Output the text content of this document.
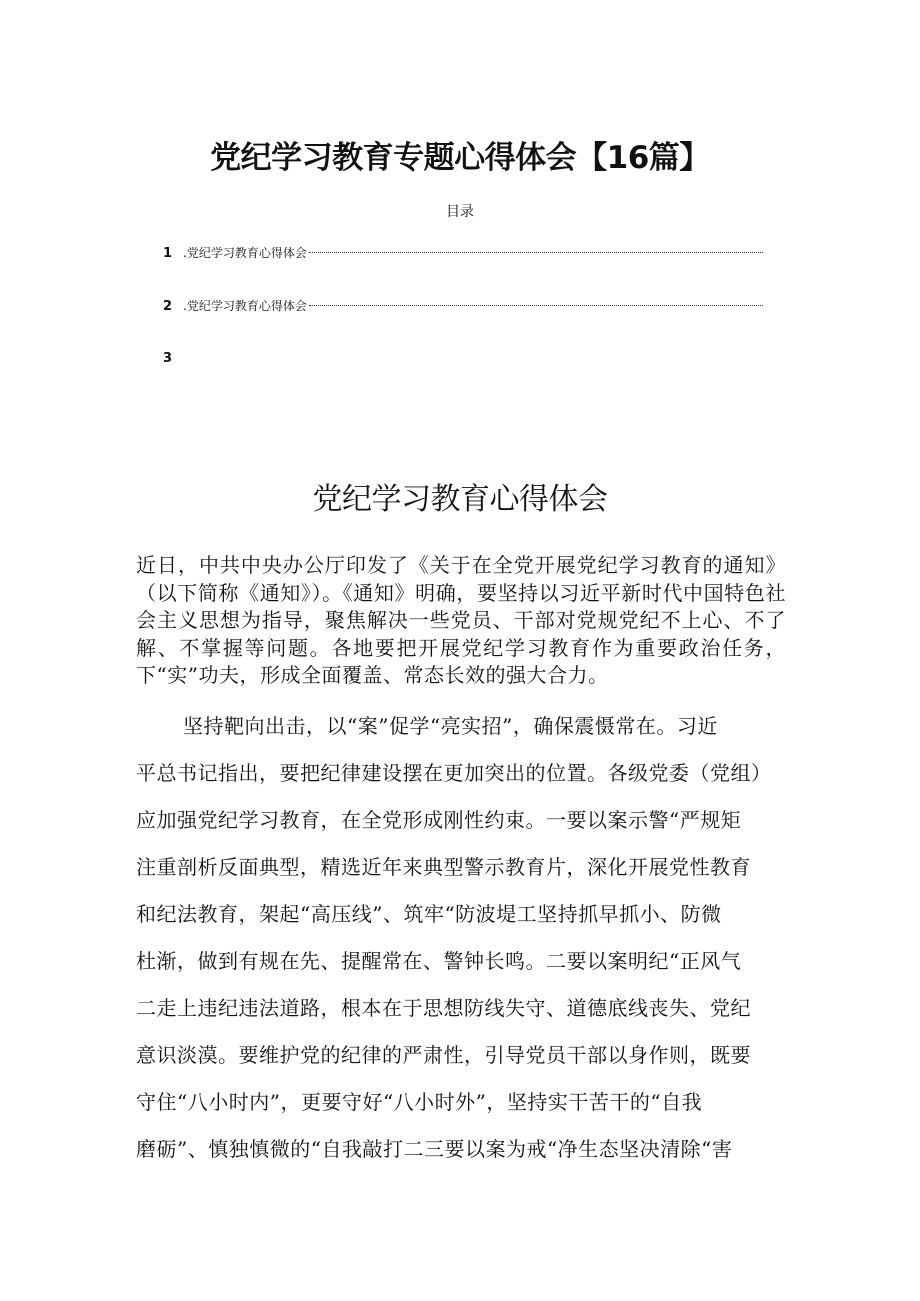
党纪学习教育专题心得体会【16篇】
目录
1 .党纪学习教育心得体会
2 .党纪学习教育心得体会
3
党纪学习教育心得体会
近日，中共中央办公厅印发了《关于在全党开展党纪学习教育的通知》（以下简称《通知》）。《通知》明确，要坚持以习近平新时代中国特色社会主义思想为指导，聚焦解决一些党员、干部对党规党纪不上心、不了解、不掌握等问题。各地要把开展党纪学习教育作为重要政治任务，下“实”功夫，形成全面覆盖、常态长效的强大合力。
坚持靶向出击，以“案”促学“亮实招”，确保震慑常在。习近
平总书记指出，要把纪律建设摆在更加突出的位置。各级党委（党组）
应加强党纪学习教育，在全党形成刚性约束。一要以案示警“严规矩
注重剖析反面典型，精选近年来典型警示教育片，深化开展党性教育
和纪法教育，架起“高压线”、筑牢“防波堤工坚持抓早抓小、防微
杜渐，做到有规在先、提醒常在、警钟长鸣。二要以案明纪“正风气
二走上违纪违法道路，根本在于思想防线失守、道德底线丧失、党纪
意识淡漠。要维护党的纪律的严肃性，引导党员干部以身作则，既要
守住“八小时内”，更要守好“八小时外”，坚持实干苦干的“自我
磨砺”、慎独慎微的“自我敲打二三要以案为戒“净生态坚决清除“害
